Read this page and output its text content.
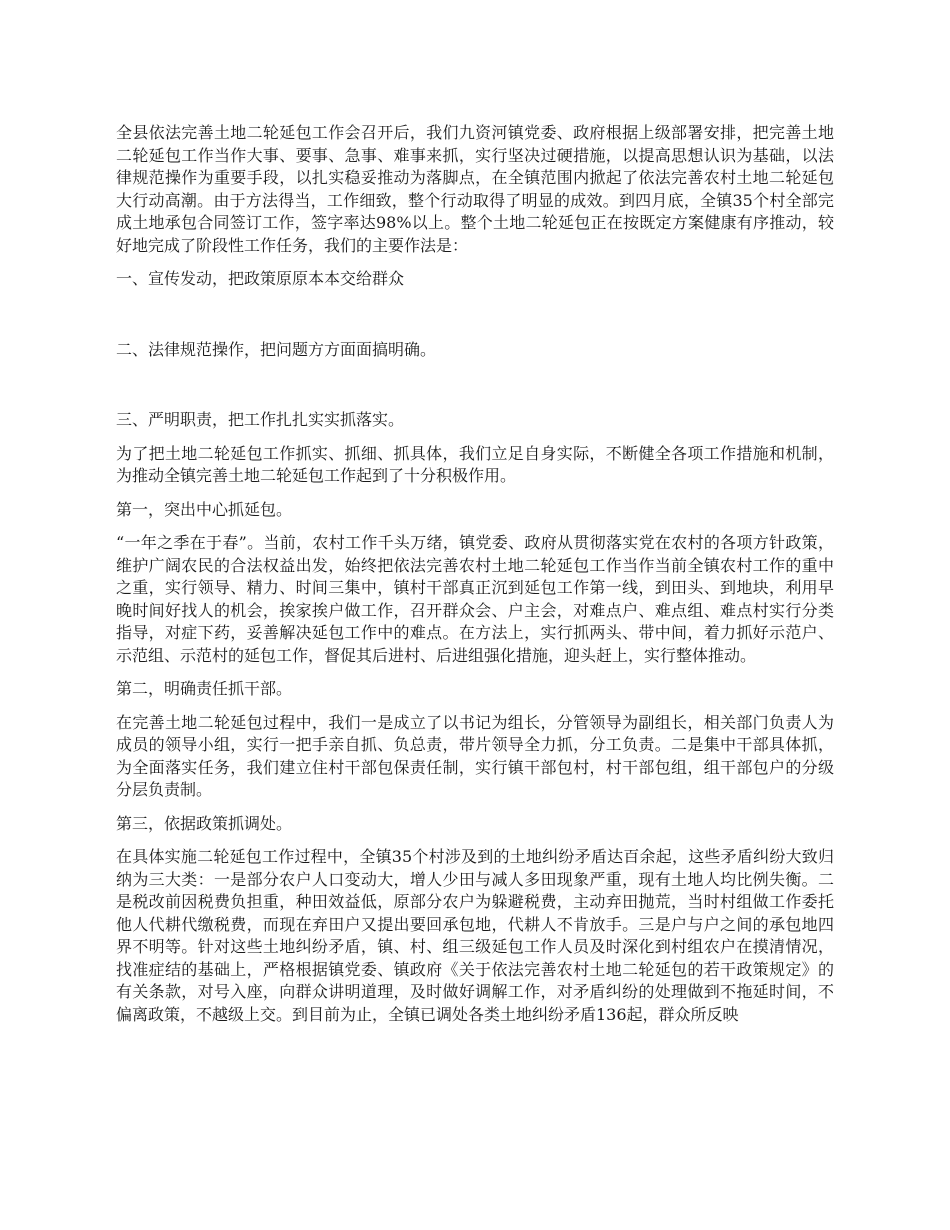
全县依法完善土地二轮延包工作会召开后，我们九资河镇党委、政府根据上级部署安排，把完善土地二轮延包工作当作大事、要事、急事、难事来抓，实行坚决过硬措施，以提高思想认识为基础，以法律规范操作为重要手段，以扎实稳妥推动为落脚点，在全镇范围内掀起了依法完善农村土地二轮延包大行动高潮。由于方法得当，工作细致，整个行动取得了明显的成效。到四月底，全镇35个村全部完成土地承包合同签订工作，签字率达98%以上。整个土地二轮延包正在按既定方案健康有序推动，较好地完成了阶段性工作任务，我们的主要作法是：

一、宣传发动，把政策原原本本交给群众

二、法律规范操作，把问题方方面面搞明确。

三、严明职责，把工作扎扎实实抓落实。

为了把土地二轮延包工作抓实、抓细、抓具体，我们立足自身实际，不断健全各项工作措施和机制，为推动全镇完善土地二轮延包工作起到了十分积极作用。

第一，突出中心抓延包。

“一年之季在于春”。当前，农村工作千头万绪，镇党委、政府从贯彻落实党在农村的各项方针政策，维护广阔农民的合法权益出发，始终把依法完善农村土地二轮延包工作当作当前全镇农村工作的重中之重，实行领导、精力、时间三集中，镇村干部真正沉到延包工作第一线，到田头、到地块，利用早晚时间好找人的机会，挨家挨户做工作，召开群众会、户主会，对难点户、难点组、难点村实行分类指导，对症下药，妥善解决延包工作中的难点。在方法上，实行抓两头、带中间，着力抓好示范户、示范组、示范村的延包工作，督促其后进村、后进组强化措施，迎头赶上，实行整体推动。

第二，明确责任抓干部。

在完善土地二轮延包过程中，我们一是成立了以书记为组长，分管领导为副组长，相关部门负责人为成员的领导小组，实行一把手亲自抓、负总责，带片领导全力抓，分工负责。二是集中干部具体抓，为全面落实任务，我们建立住村干部包保责任制，实行镇干部包村，村干部包组，组干部包户的分级分层负责制。

第三，依据政策抓调处。

在具体实施二轮延包工作过程中，全镇35个村涉及到的土地纠纷矛盾达百余起，这些矛盾纠纷大致归纳为三大类：一是部分农户人口变动大，增人少田与减人多田现象严重，现有土地人均比例失衡。二是税改前因税费负担重，种田效益低，原部分农户为躲避税费，主动弃田抛荒，当时村组做工作委托他人代耕代缴税费，而现在弃田户又提出要回承包地，代耕人不肯放手。三是户与户之间的承包地四界不明等。针对这些土地纠纷矛盾，镇、村、组三级延包工作人员及时深化到村组农户在摸清情况，找准症结的基础上，严格根据镇党委、镇政府《关于依法完善农村土地二轮延包的若干政策规定》的有关条款，对号入座，向群众讲明道理，及时做好调解工作，对矛盾纠纷的处理做到不拖延时间，不偏离政策，不越级上交。到目前为止，全镇已调处各类土地纠纷矛盾136起，群众所反映
